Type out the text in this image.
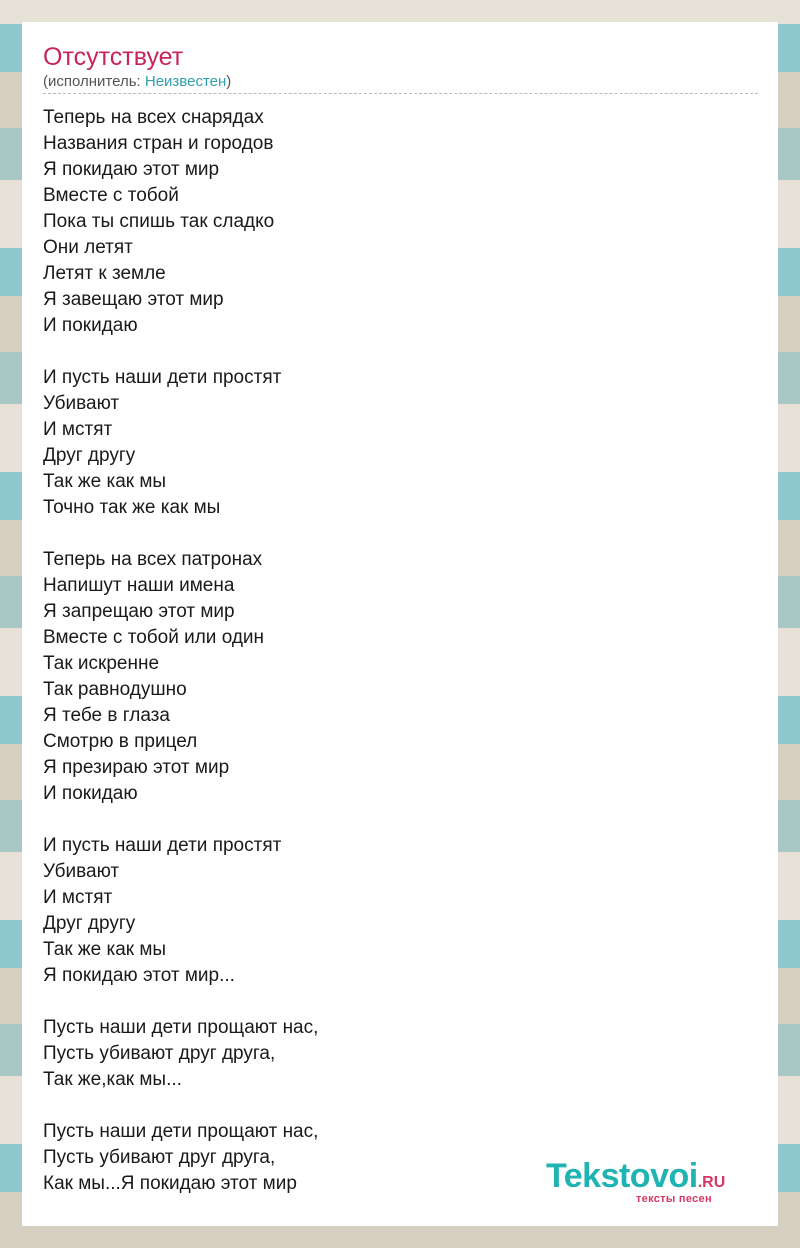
Отсутствует
(исполнитель: Неизвестен)

Теперь на всех снарядах
Названия стран и городов
Я покидаю этот мир
Вместе с тобой
Пока ты спишь так сладко
Они летят
Летят к земле
Я завещаю этот мир
И покидаю

И пусть наши дети простят
Убивают
И мстят
Друг другу
Так же как мы
Точно так же как мы

Теперь на всех патронах
Напишут наши имена
Я запрещаю этот мир
Вместе с тобой или один
Так искренне
Так равнодушно
Я тебе в глаза
Смотрю в прицел
Я презираю этот мир
И покидаю

И пусть наши дети простят
Убивают
И мстят
Друг другу
Так же как мы
Я покидаю этот мир...

Пусть наши дети прощают нас,
Пусть убивают друг друга,
Так же,как мы...

Пусть наши дети прощают нас,
Пусть убивают друг друга,
Как мы...Я покидаю этот мир	Tekstovoi.RU
тексты песен
